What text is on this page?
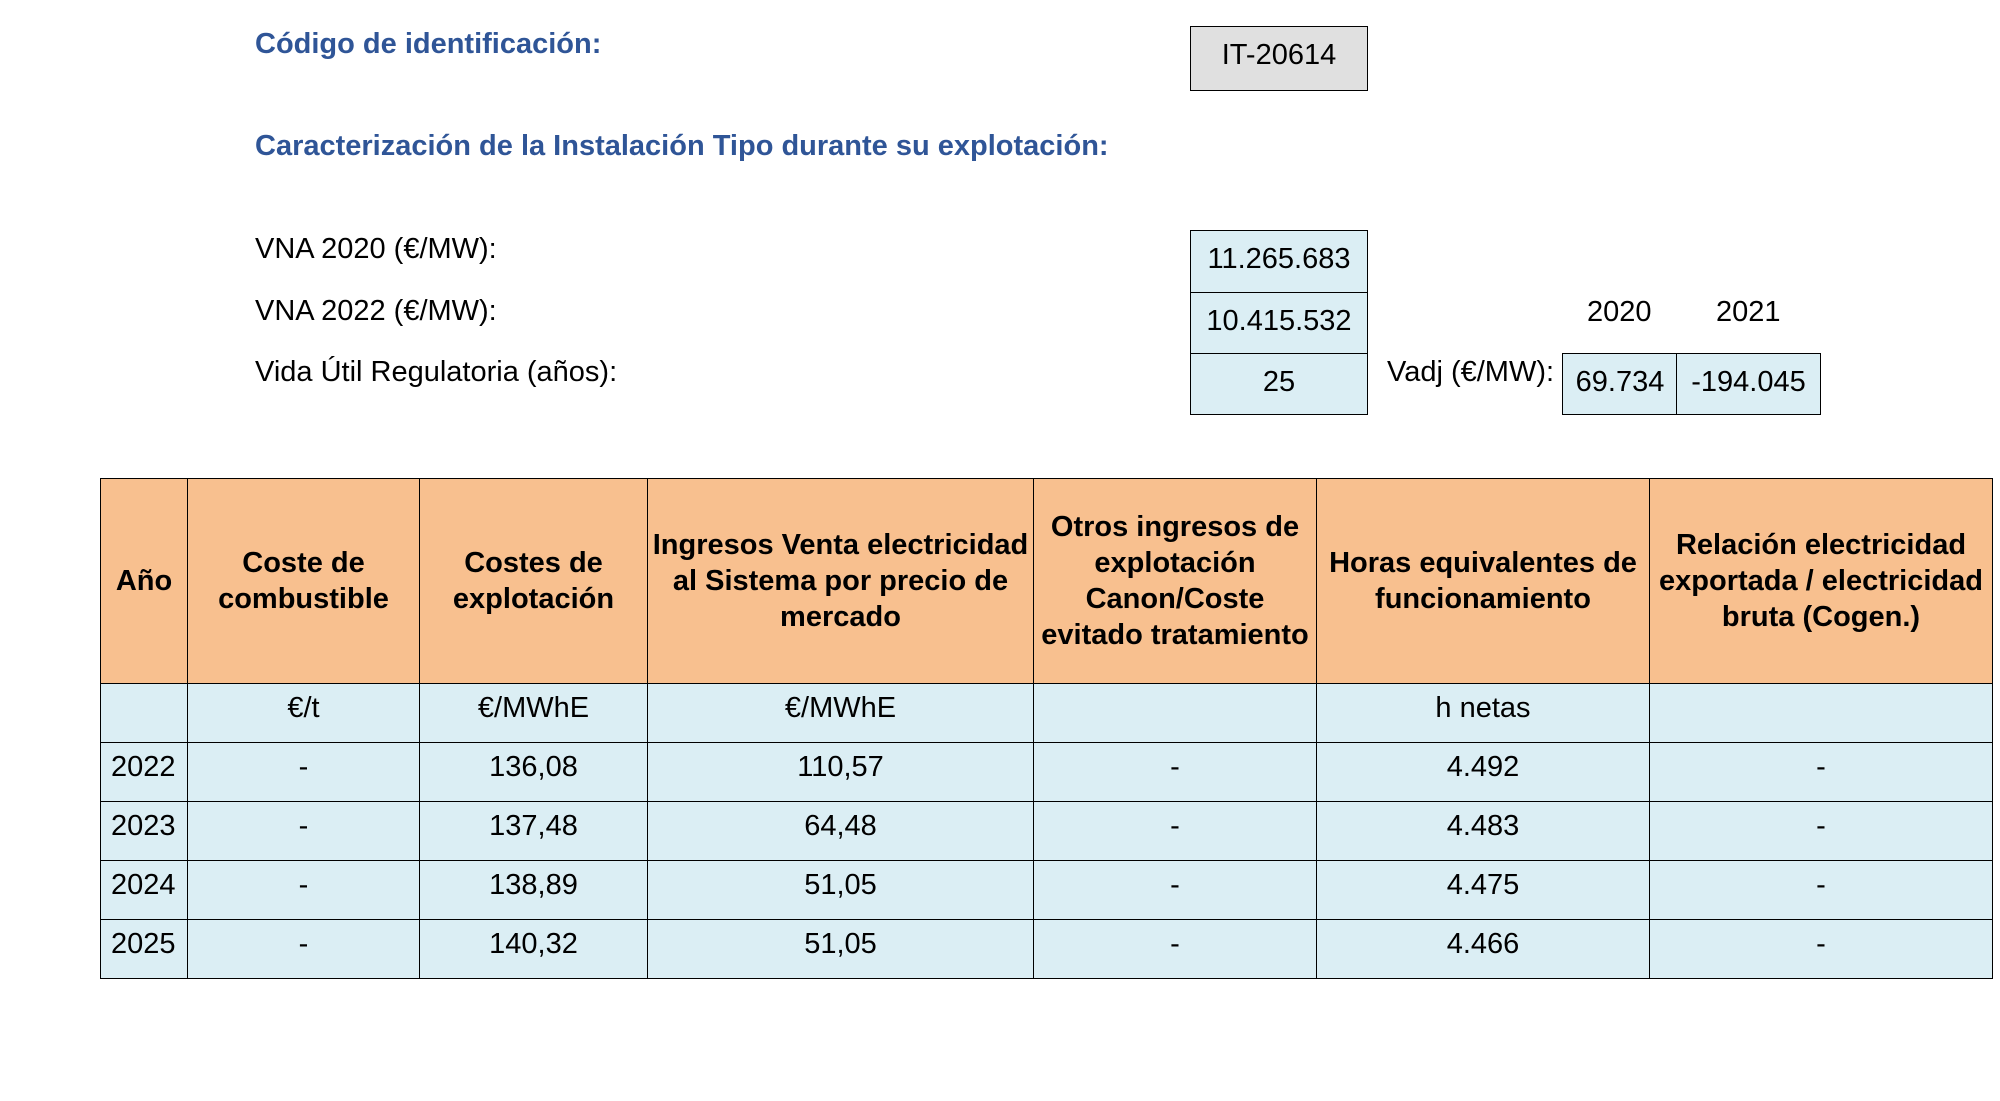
Código de identificación:	IT-20614
Caracterización de la Instalación Tipo durante su explotación:
VNA 2020 (€/MW):	11.265.683
VNA 2022 (€/MW):	10.415.532
Vida Útil Regulatoria (años):	25	Vadj (€/MW):
2020 2021
69.734 -194.045
Año	Coste de combustible	Costes de explotación	Ingresos Venta electricidad al Sistema por precio de mercado	Otros ingresos de explotación Canon/Coste evitado tratamiento	Horas equivalentes de funcionamiento	Relación electricidad exportada / electricidad bruta (Cogen.)
	€/t	€/MWhE	€/MWhE		h netas	
2022	-	136,08	110,57	-	4.492	-
2023	-	137,48	64,48	-	4.483	-
2024	-	138,89	51,05	-	4.475	-
2025	-	140,32	51,05	-	4.466	-
